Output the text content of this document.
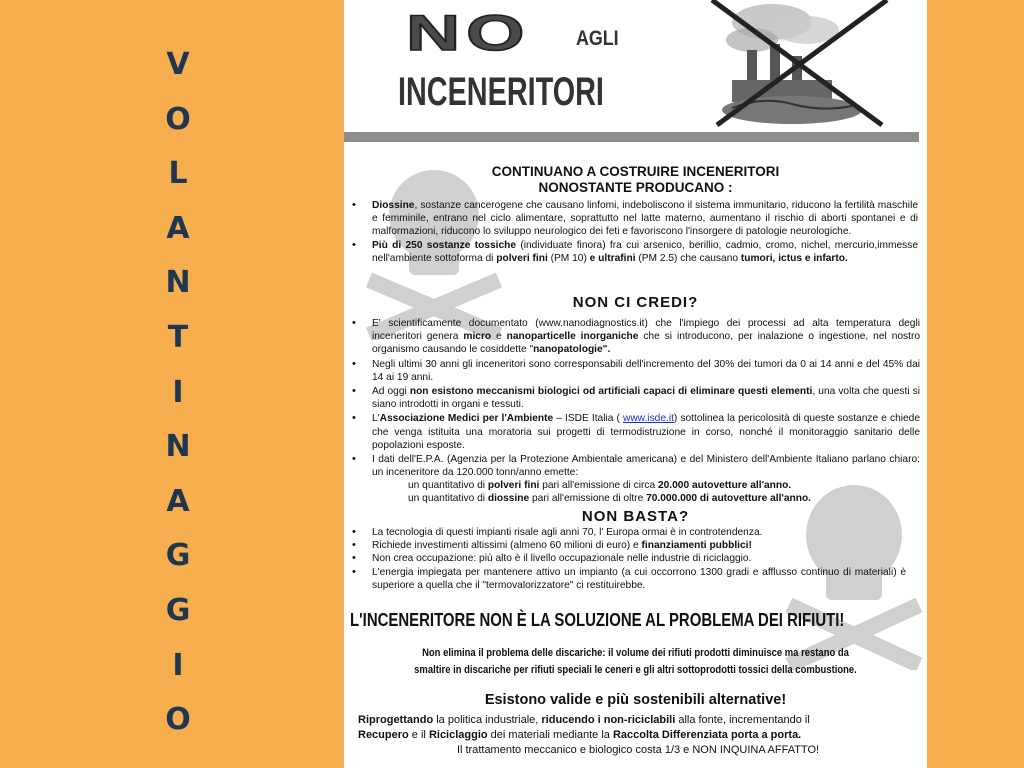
V
O
L
A
N
T
I
N
A
G
G
I
O
NO AGLI
INCENERITORI
CONTINUANO A COSTRUIRE INCENERITORI
NONOSTANTE PRODUCANO :
• Diossine, sostanze cancerogene che causano linfomi, indeboliscono il sistema immunitario, riducono la fertilità maschile e femminile, entrano nel ciclo alimentare, soprattutto nel latte materno, aumentano il rischio di aborti spontanei e di malformazioni, riducono lo sviluppo neurologico dei feti e favoriscono l'insorgere di patologie neurologiche.
• Più di 250 sostanze tossiche (individuate finora) fra cui arsenico, berillio, cadmio, cromo, nichel, mercurio,immesse nell'ambiente sottoforma di polveri fini (PM 10) e ultrafini (PM 2.5) che causano tumori, ictus e infarto.
NON CI CREDI?
• E' scientificamente documentato (www.nanodiagnostics.it) che l'impiego dei processi ad alta temperatura degli inceneritori genera micro e nanoparticelle inorganiche che si introducono, per inalazione o ingestione, nel nostro organismo causando le cosiddette "nanopatologie".
• Negli ultimi 30 anni gli inceneritori sono corresponsabili dell'incremento del 30% dei tumori da 0 ai 14 anni e del 45% dai 14 ai 19 anni.
• Ad oggi non esistono meccanismi biologici od artificiali capaci di eliminare questi elementi, una volta che questi si siano introdotti in organi e tessuti.
• L'Associazione Medici per l'Ambiente – ISDE Italia ( www.isde.it) sottolinea la pericolosità di queste sostanze e chiede che venga istituita una moratoria sui progetti di termodistruzione in corso, nonché il monitoraggio sanitario delle popolazioni esposte.
• I dati dell'E.P.A. (Agenzia per la Protezione Ambientale americana) e del Ministero dell'Ambiente Italiano parlano chiaro: un inceneritore da 120.000 tonn/anno emette:
un quantitativo di polveri fini pari all'emissione di circa 20.000 autovetture all'anno.
un quantitativo di diossine pari all'emissione di oltre 70.000.000 di autovetture all'anno.
NON BASTA?
• La tecnologia di questi impianti risale agli anni 70, l' Europa ormai è in controtendenza.
• Richiede investimenti altissimi (almeno 60 milioni di euro) e finanziamenti pubblici!
• Non crea occupazione: più alto è il livello occupazionale nelle industrie di riciclaggio.
• L'energia impiegata per mantenere attivo un impianto (a cui occorrono 1300 gradi e afflusso continuo di materiali) è superiore a quella che il "termovalorizzatore" ci restituirebbe.
L'INCENERITORE NON È LA SOLUZIONE AL PROBLEMA DEI RIFIUTI!
Non elimina il problema delle discariche: il volume dei rifiuti prodotti diminuisce ma restano da
smaltire in discariche per rifiuti speciali le ceneri e gli altri sottoprodotti tossici della combustione.
Esistono valide e più sostenibili alternative!
Riprogettando la politica industriale, riducendo i non-riciclabili alla fonte, incrementando il
Recupero e il Riciclaggio dei materiali mediante la Raccolta Differenziata porta a porta.
Il trattamento meccanico e biologico costa 1/3 e NON INQUINA AFFATTO!
